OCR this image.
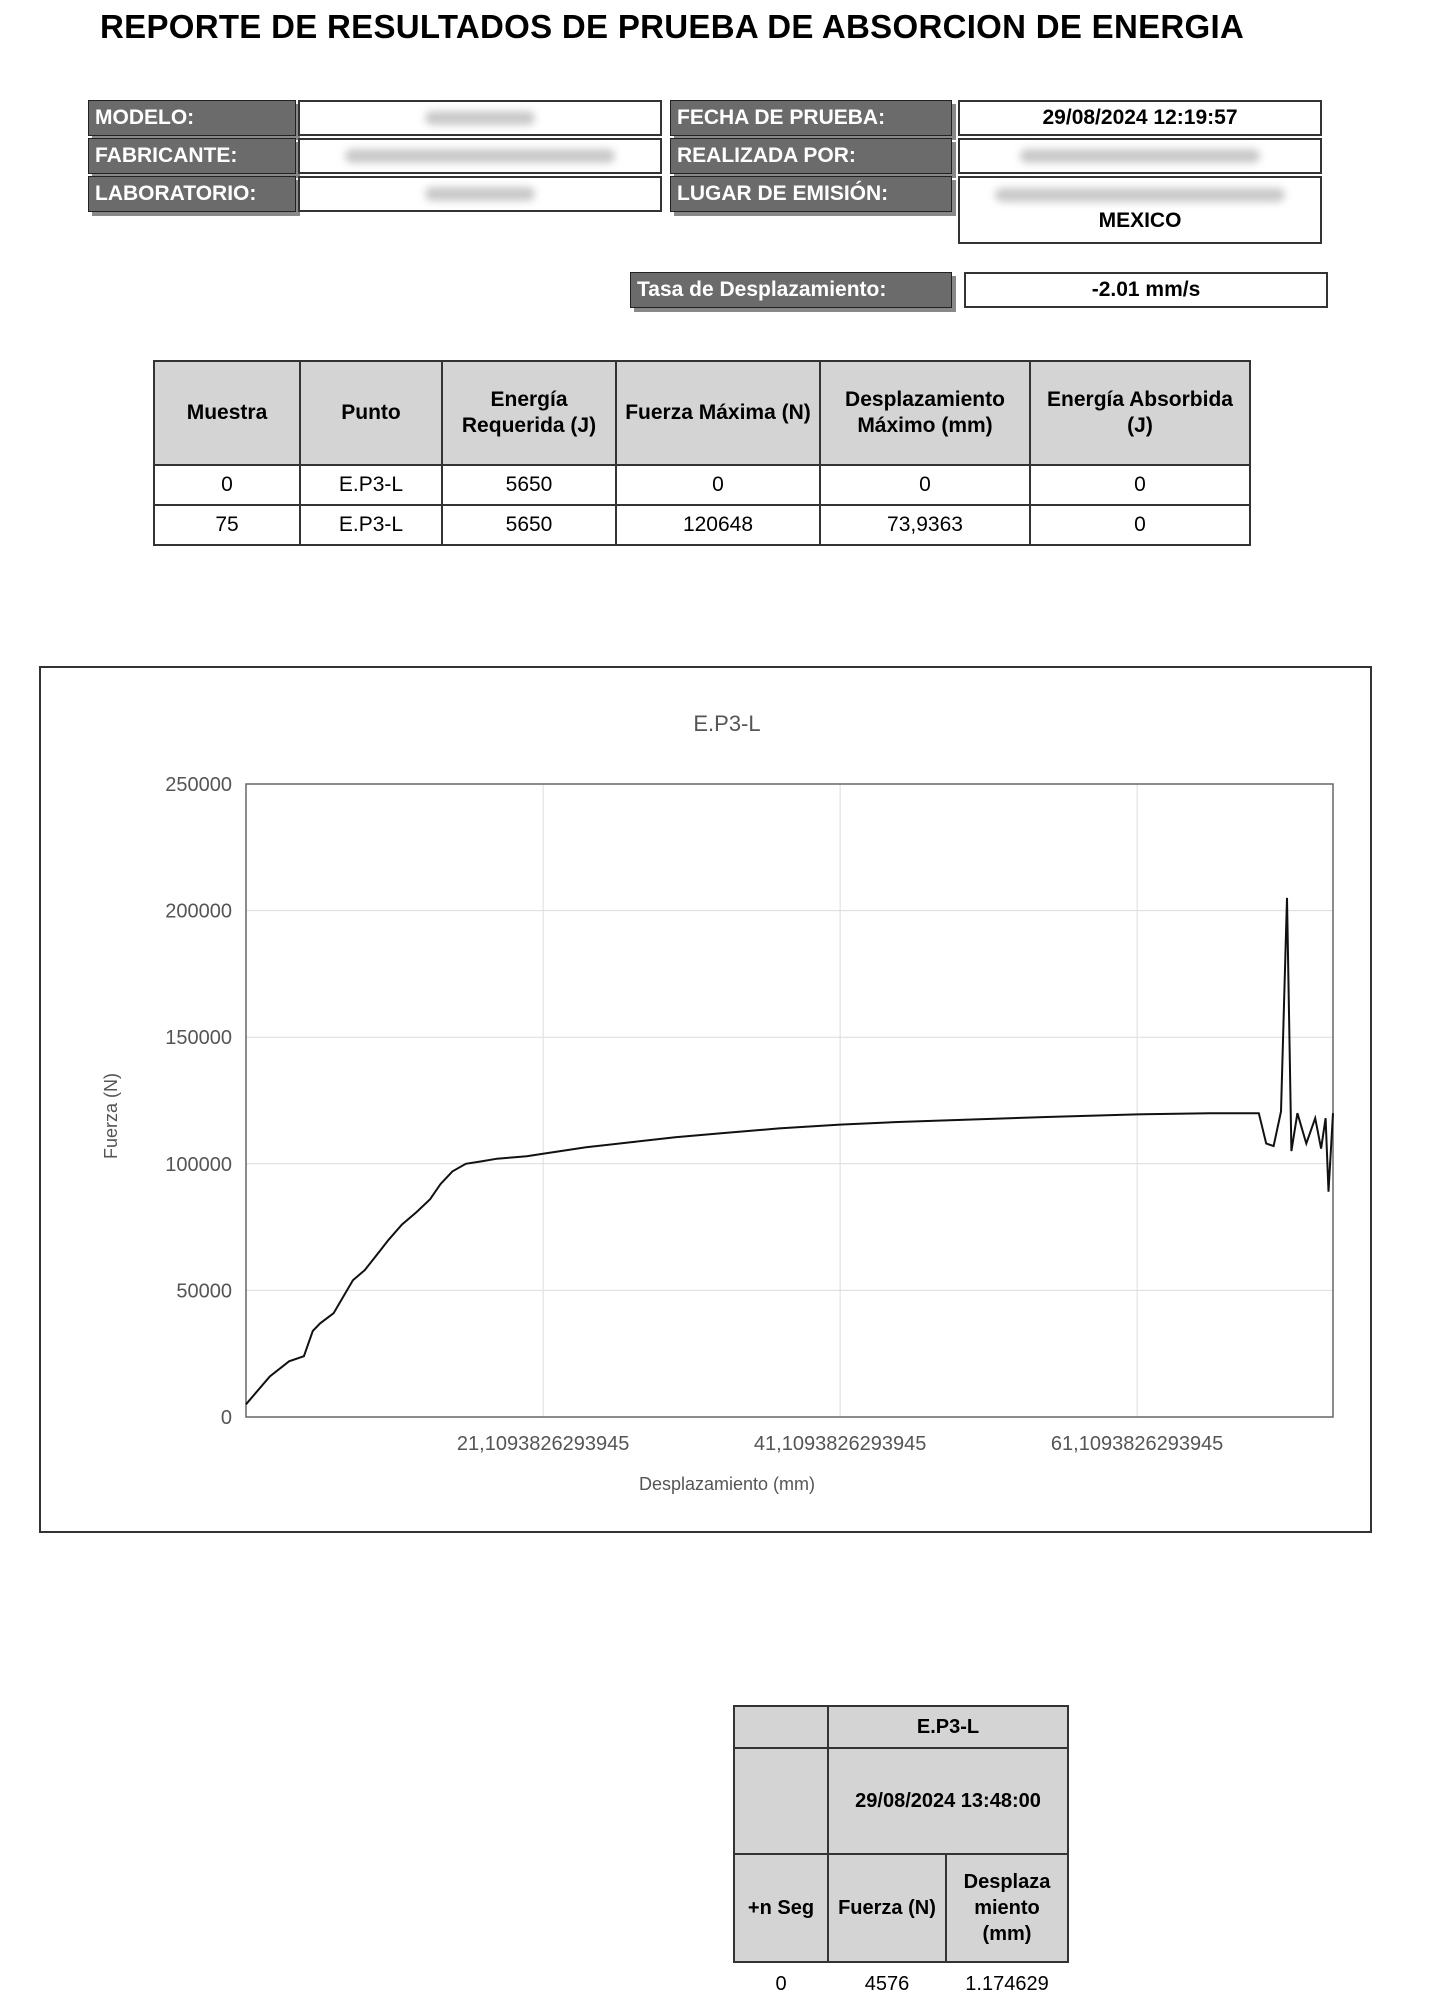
REPORTE DE RESULTADOS DE PRUEBA DE ABSORCION DE ENERGIA
MODELO:
FABRICANTE:
LABORATORIO:
FECHA DE PRUEBA:	29/08/2024 12:19:57
REALIZADA POR:
LUGAR DE EMISIÓN:
MEXICO
Tasa de Desplazamiento:	-2.01 mm/s
Muestra	Punto	Energía Requerida (J)	Fuerza Máxima (N)	Desplazamiento Máximo (mm)	Energía Absorbida (J)
0	E.P3-L	5650	0	0	0
75	E.P3-L	5650	120648	73,9363	0
E.P3-L
0
50000
100000
150000
200000
250000
21,1093826293945	41,1093826293945	61,1093826293945
Desplazamiento (mm)
Fuerza (N)
	E.P3-L	
	29/08/2024 13:48:00	
+n Seg	Fuerza (N)	Desplaza miento (mm)
0	4576	1.174629
